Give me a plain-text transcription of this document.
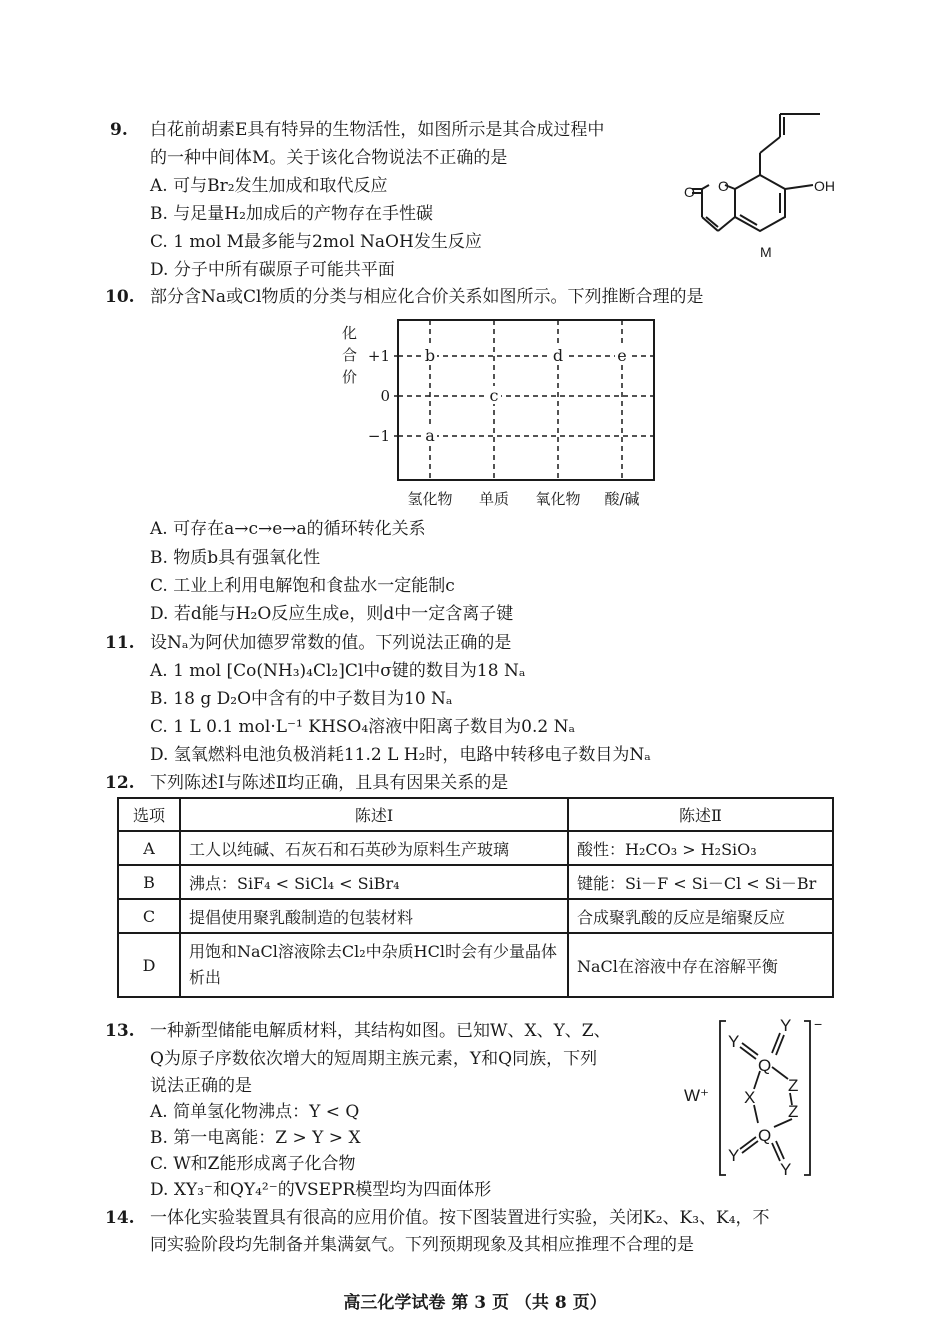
9. 白花前胡素E具有特异的生物活性，如图所示是其合成过程中
的一种中间体M。关于该化合物说法不正确的是
A. 可与Br₂发生加成和取代反应
B. 与足量H₂加成后的产物存在手性碳
C. 1 mol M最多能与2mol NaOH发生反应
D. 分子中所有碳原子可能共平面
O
O	OH
M
10. 部分含Na或Cl物质的分类与相应化合价关系如图所示。下列推断合理的是
化
合
价
+1
0
−1 a
b
c
d	e
氢化物 单质 氧化物 酸/碱
A. 可存在a→c→e→a的循环转化关系
B. 物质b具有强氧化性
C. 工业上利用电解饱和食盐水一定能制c
D. 若d能与H₂O反应生成e，则d中一定含离子键
11. 设Nₐ为阿伏加德罗常数的值。下列说法正确的是
A. 1 mol [Co(NH₃)₄Cl₂]Cl中σ键的数目为18 Nₐ
B. 18 g D₂O中含有的中子数目为10 Nₐ
C. 1 L 0.1 mol·L⁻¹ KHSO₄溶液中阳离子数目为0.2 Nₐ
D. 氢氧燃料电池负极消耗11.2 L H₂时，电路中转移电子数目为Nₐ
12. 下列陈述Ⅰ与陈述Ⅱ均正确，且具有因果关系的是
选项	陈述Ⅰ	陈述Ⅱ
A	工人以纯碱、石灰石和石英砂为原料生产玻璃	酸性：H₂CO₃ > H₂SiO₃
B	沸点：SiF₄ < SiCl₄ < SiBr₄	键能：Si－F < Si－Cl < Si－Br
C	提倡使用聚乳酸制造的包装材料	合成聚乳酸的反应是缩聚反应
D	用饱和NaCl溶液除去Cl₂中杂质HCl时会有少量晶体析出	NaCl在溶液中存在溶解平衡
13. 一种新型储能电解质材料，其结构如图。已知W、X、Y、Z、
Q为原子序数依次增大的短周期主族元素，Y和Q同族，下列
说法正确的是
A. 简单氢化物沸点：Y < Q
B. 第一电离能：Z > Y > X
C. W和Z能形成离子化合物
D. XY₃⁻和QY₄²⁻的VSEPR模型均为四面体形
Y
Y
Q
Z
X
Z
Q
Y
Y
W⁺
−
14. 一体化实验装置具有很高的应用价值。按下图装置进行实验，关闭K₂、K₃、K₄，不
同实验阶段均先制备并集满氨气。下列预期现象及其相应推理不合理的是
高三化学试卷 第 3 页 （共 8 页）
